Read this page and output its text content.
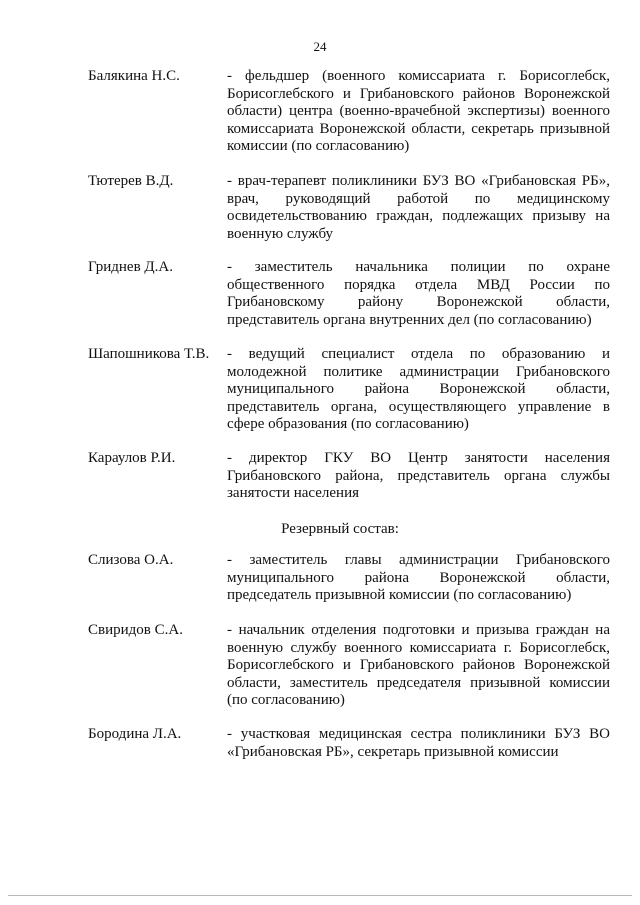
24
Балякина Н.С.	- фельдшер (военного комиссариата г. Борисоглебск, Борисоглебского и Грибановского районов Воронежской области) центра (военно-врачебной экспертизы) военного комиссариата Воронежской области, секретарь призывной комиссии (по согласованию)
Тютерев В.Д.	- врач-терапевт поликлиники БУЗ ВО «Грибановская РБ», врач, руководящий работой по медицинскому освидетельствованию граждан, подлежащих призыву на военную службу
Гриднев Д.А.	- заместитель начальника полиции по охране общественного порядка отдела МВД России по Грибановскому району Воронежской области, представитель органа внутренних дел (по согласованию)
Шапошникова Т.В. - ведущий специалист отдела по образованию и молодежной политике администрации Грибановского муниципального района Воронежской области, представитель органа, осуществляющего управление в сфере образования (по согласованию)
Караулов Р.И.	- директор ГКУ ВО Центр занятости населения Грибановского района, представитель органа службы занятости населения
Резервный состав:
Слизова О.А.	- заместитель главы администрации Грибановского муниципального района Воронежской области, председатель призывной комиссии (по согласованию)
Свиридов С.А.	- начальник отделения подготовки и призыва граждан на военную службу военного комиссариата г. Борисоглебск, Борисоглебского и Грибановского районов Воронежской области, заместитель председателя призывной комиссии (по согласованию)
Бородина Л.А.	- участковая медицинская сестра поликлиники БУЗ ВО «Грибановская РБ», секретарь призывной комиссии
